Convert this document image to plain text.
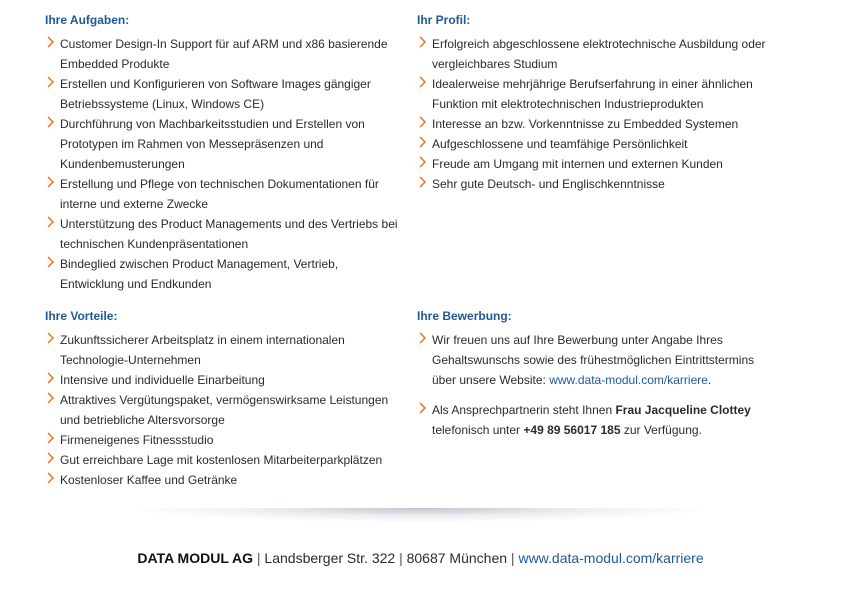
Ihre Aufgaben:
Customer Design-In Support für auf ARM und x86 basierende Embedded Produkte
Erstellen und Konfigurieren von Software Images gängiger Betriebssysteme (Linux, Windows CE)
Durchführung von Machbarkeitsstudien und Erstellen von Prototypen im Rahmen von Messepräsenzen und Kundenbemusterungen
Erstellung und Pflege von technischen Dokumentationen für interne und externe Zwecke
Unterstützung des Product Managements und des Vertriebs bei technischen Kundenpräsentationen
Bindeglied zwischen Product Management, Vertrieb, Entwicklung und Endkunden
Ihr Profil:
Erfolgreich abgeschlossene elektrotechnische Ausbildung oder vergleichbares Studium
Idealerweise mehrjährige Berufserfahrung in einer ähnlichen Funktion mit elektrotechnischen Industrieprodukten
Interesse an bzw. Vorkenntnisse zu Embedded Systemen
Aufgeschlossene und teamfähige Persönlichkeit
Freude am Umgang mit internen und externen Kunden
Sehr gute Deutsch- und Englischkenntnisse
Ihre Vorteile:
Zukunftssicherer Arbeitsplatz in einem internationalen Technologie-Unternehmen
Intensive und individuelle Einarbeitung
Attraktives Vergütungspaket, vermögenswirksame Leistungen und betriebliche Altersvorsorge
Firmeneigenes Fitnessstudio
Gut erreichbare Lage mit kostenlosen Mitarbeiterparkplätzen
Kostenloser Kaffee und Getränke
Ihre Bewerbung:
Wir freuen uns auf Ihre Bewerbung unter Angabe Ihres Gehaltswunschs sowie des frühestmöglichen Eintrittstermins über unsere Website: www.data-modul.com/karriere.
Als Ansprechpartnerin steht Ihnen Frau Jacqueline Clottey telefonisch unter +49 89 56017 185 zur Verfügung.
DATA MODUL AG | Landsberger Str. 322 | 80687 München | www.data-modul.com/karriere
